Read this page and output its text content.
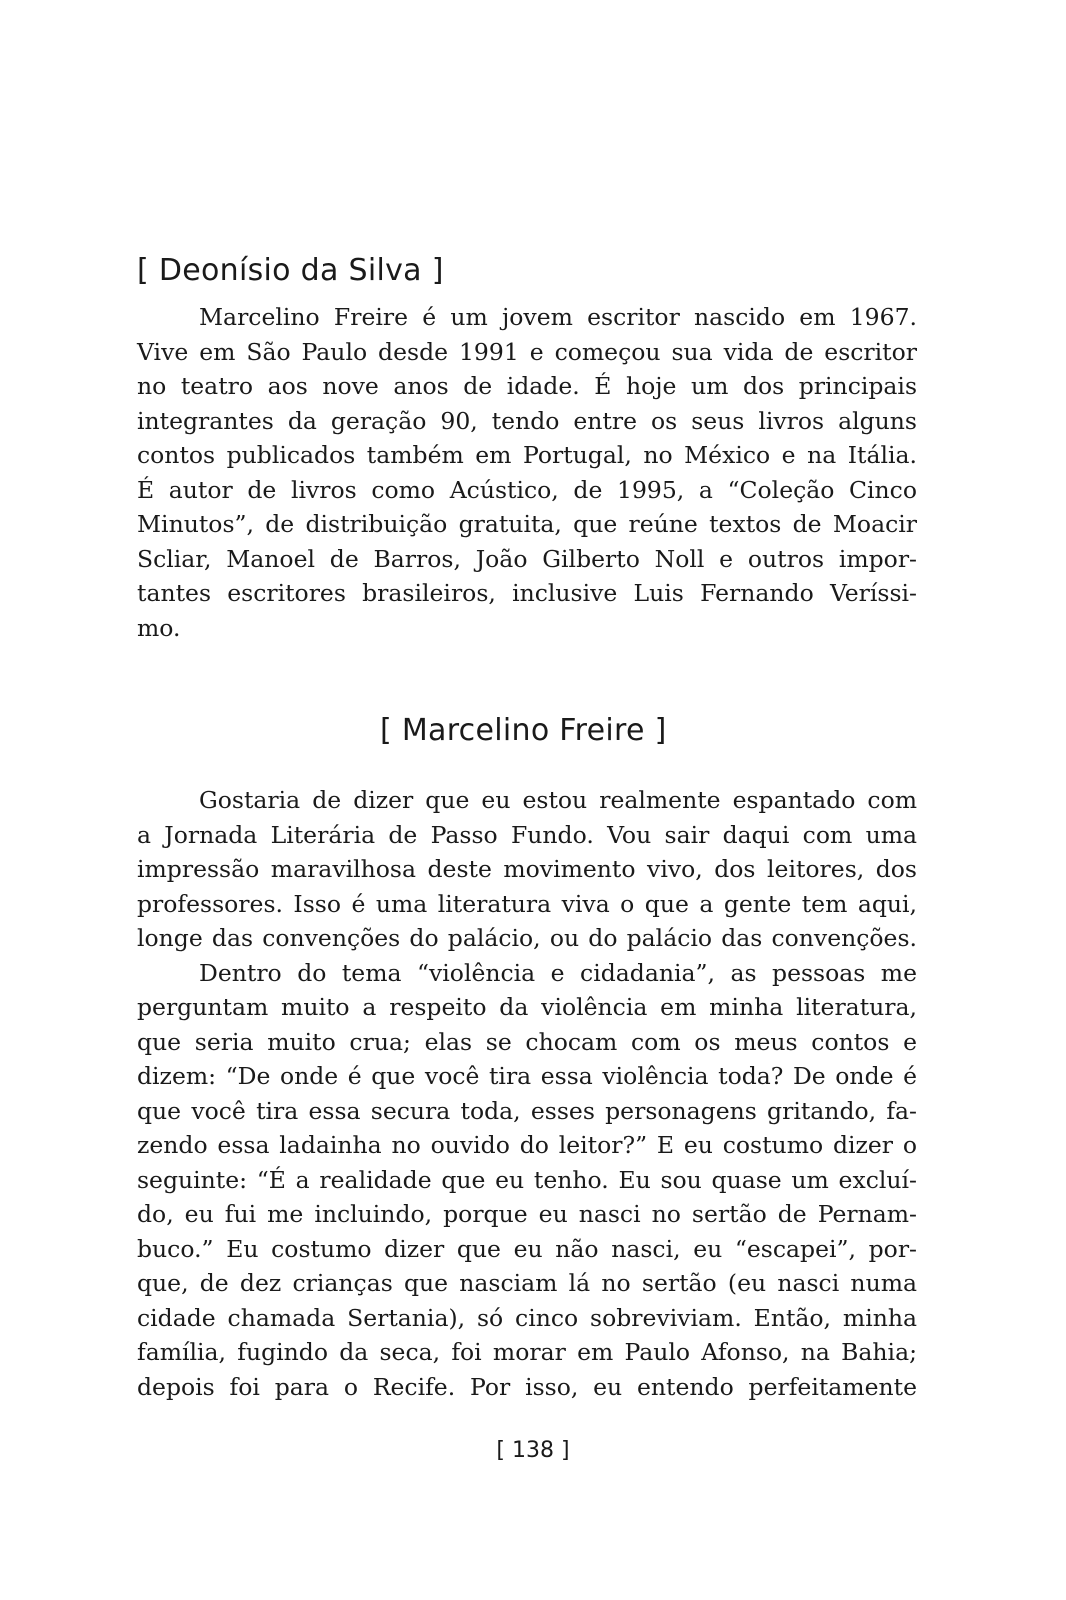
[ Deonísio da Silva ]
Marcelino Freire é um jovem escritor nascido em 1967.
Vive em São Paulo desde 1991 e começou sua vida de escritor
no teatro aos nove anos de idade. É hoje um dos principais
integrantes da geração 90, tendo entre os seus livros alguns
contos publicados também em Portugal, no México e na Itália.
É autor de livros como Acústico, de 1995, a “Coleção Cinco
Minutos”, de distribuição gratuita, que reúne textos de Moacir
Scliar, Manoel de Barros, João Gilberto Noll e outros impor-
tantes escritores brasileiros, inclusive Luis Fernando Veríssi-
mo.
[ Marcelino Freire ]
Gostaria de dizer que eu estou realmente espantado com
a Jornada Literária de Passo Fundo. Vou sair daqui com uma
impressão maravilhosa deste movimento vivo, dos leitores, dos
professores. Isso é uma literatura viva o que a gente tem aqui,
longe das convenções do palácio, ou do palácio das convenções.
Dentro do tema “violência e cidadania”, as pessoas me
perguntam muito a respeito da violência em minha literatura,
que seria muito crua; elas se chocam com os meus contos e
dizem: “De onde é que você tira essa violência toda? De onde é
que você tira essa secura toda, esses personagens gritando, fa-
zendo essa ladainha no ouvido do leitor?” E eu costumo dizer o
seguinte: “É a realidade que eu tenho. Eu sou quase um excluí-
do, eu fui me incluindo, porque eu nasci no sertão de Pernam-
buco.” Eu costumo dizer que eu não nasci, eu “escapei”, por-
que, de dez crianças que nasciam lá no sertão (eu nasci numa
cidade chamada Sertania), só cinco sobreviviam. Então, minha
família, fugindo da seca, foi morar em Paulo Afonso, na Bahia;
depois foi para o Recife. Por isso, eu entendo perfeitamente
[ 138 ]
